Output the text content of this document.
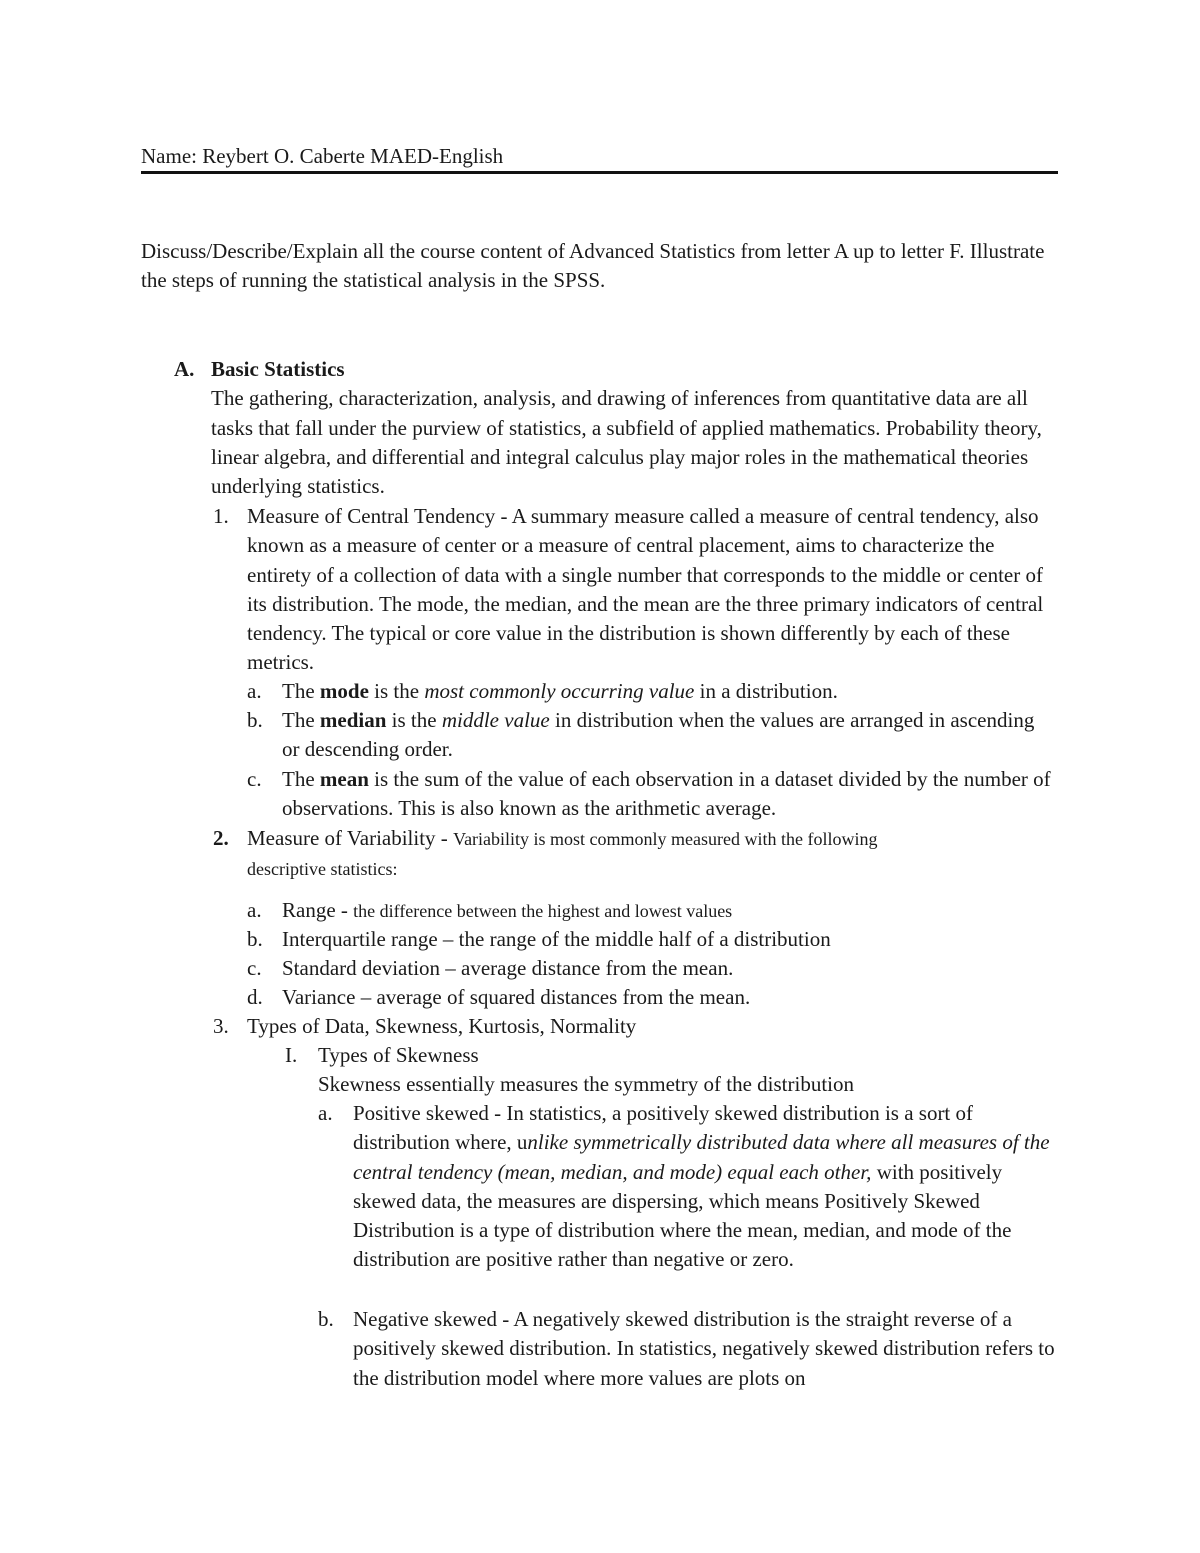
Name: Reybert O. Caberte MAED-English
Discuss/Describe/Explain all the course content of Advanced Statistics from letter A up to letter F. Illustrate the steps of running the statistical analysis in the SPSS.
A. Basic Statistics
The gathering, characterization, analysis, and drawing of inferences from quantitative data are all tasks that fall under the purview of statistics, a subfield of applied mathematics. Probability theory, linear algebra, and differential and integral calculus play major roles in the mathematical theories underlying statistics.
1. Measure of Central Tendency - A summary measure called a measure of central tendency, also known as a measure of center or a measure of central placement, aims to characterize the entirety of a collection of data with a single number that corresponds to the middle or center of its distribution. The mode, the median, and the mean are the three primary indicators of central tendency. The typical or core value in the distribution is shown differently by each of these metrics.
a. The mode is the most commonly occurring value in a distribution.
b. The median is the middle value in distribution when the values are arranged in ascending or descending order.
c. The mean is the sum of the value of each observation in a dataset divided by the number of observations. This is also known as the arithmetic average.
2. Measure of Variability - Variability is most commonly measured with the following descriptive statistics:
a. Range - the difference between the highest and lowest values
b. Interquartile range – the range of the middle half of a distribution
c. Standard deviation – average distance from the mean.
d. Variance – average of squared distances from the mean.
3. Types of Data, Skewness, Kurtosis, Normality
I. Types of Skewness
Skewness essentially measures the symmetry of the distribution
a. Positive skewed - In statistics, a positively skewed distribution is a sort of distribution where, unlike symmetrically distributed data where all measures of the central tendency (mean, median, and mode) equal each other, with positively skewed data, the measures are dispersing, which means Positively Skewed Distribution is a type of distribution where the mean, median, and mode of the distribution are positive rather than negative or zero.
b. Negative skewed - A negatively skewed distribution is the straight reverse of a positively skewed distribution. In statistics, negatively skewed distribution refers to the distribution model where more values are plots on
